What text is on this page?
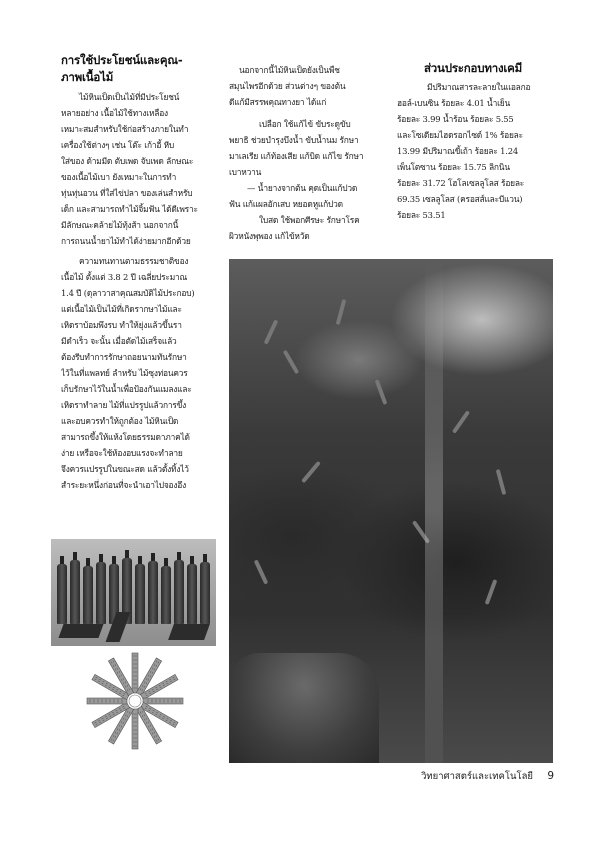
การใช้ประโยชน์และคุณ-

ภาพเนื้อไม้

ไม้หินเป็ดเป็นไม้ที่มีประโยชน์

หลายอย่าง เนื้อไม้ใช้ทางเหลือง

เหมาะสมสำหรับใช้ก่อสร้างภายในทำ

เครื่องใช้ต่างๆ เช่น โต๊ะ เก้าอี้ หีบ

ใส่ของ ด้ามมีด ตับเพด จับเพด ลักษณะ

ของเนื้อไม้เบา ยังเหมาะในการทำ

ทุ่นทุ่นอวน ที่ใส่ไข่ปลา ของเล่นสำหรับ

เด็ก และสามารถทำไม้จิ้มฟัน ได้ดีเพราะ

มีลักษณะคล้ายไม้ทุ้งส้า นอกจากนี้

การถนนน้ำยาไม้ทำได้ง่ายมากอีกด้วย

ความทนทานตามธรรมชาติของ

เนื้อไม้ ตั้งแต่ 3.8 2 ปี เฉลี่ยประมาณ

1.4 ปี (ดุลาวาสาคุณสมบัติไม้ประกอบ)

แต่เนื้อไม้เป็นไม้ที่เกิดรากษาไม้และ

เหิดราบ้อมพึงรบ ทำให้ยุ่งแล้วขึ้นรา

มีดำเร็ว จะนั้น เมื่อตัดไม้เสร็จแล้ว

ต้องรีบทำการรักษาถอยนามทันรักษา

ไว้ในที่แพลทย์ ลำหรับ ไม้ซุงท่อนควร

เก็บรักษาไว้ในน้ำเพื่อป้องกันแมลงและ

เหิดราทำลาย ไม้ที่แปรรูปแล้วการขึ้ง

และอบควรทำให้ถูกต้อง ไม้หินเป็ด

สามารถขึ้งให้แห้งโดยธรรมดาภาคได้

ง่าย เหรือจะใช้ห้องอบแรงจะทำลาย

จึงควรแปรรูปในขณะสด แล้วตั้งทิ้งไว้

สำระยะหนึ่งก่อนที่จะนำเอาไปจองอึง

นอกจากนี้ไม้หินเป็ดยังเป็นพืช

สมุนไพรอีกด้วย ส่วนต่างๆ ของต้น

ดีแก้มีสรรพคุณทางยา ได้แก่

เปลือก ใช้แก้ไข้ ขับระดูขับ

พยาธิ ช่วยบำรุงบึงน้ำ ขับน้ำนม รักษา

มาเลเรีย แก้ท้องเสีย แก้บิด แก้ไข รักษา

เบาหวาน

— น้ำยางจากต้น คุดเป็นแก้ปวด

ฟัน แก้แผลอักเสบ หยอดหูแก้ปวด

ใบสด ใช้พอกศีรษะ รักษาโรค

ผิวหนังพุพอง แก้ไข้หวัด

ส่วนประกอบทางเคมี

มีปริมาณสารละลายในแอลกอ

ฮอล์-เบนซิน ร้อยละ 4.01 น้ำเย็น

ร้อยละ 3.99 น้ำร้อน ร้อยละ 5.55

และโซเดียมไฮดรอกไซด์ 1% ร้อยละ

13.99 มีปริมาณขี้เถ้า ร้อยละ 1.24

เพ็นโตซาน ร้อยละ 15.75 ลิกนิน

ร้อยละ 31.72 โฮโลเซลลูโลส ร้อยละ

69.35 เซลลูโลส (ครอสส์และบีแวน)

ร้อยละ 53.51

วิทยาศาสตร์และเทคโนโลยี 9
